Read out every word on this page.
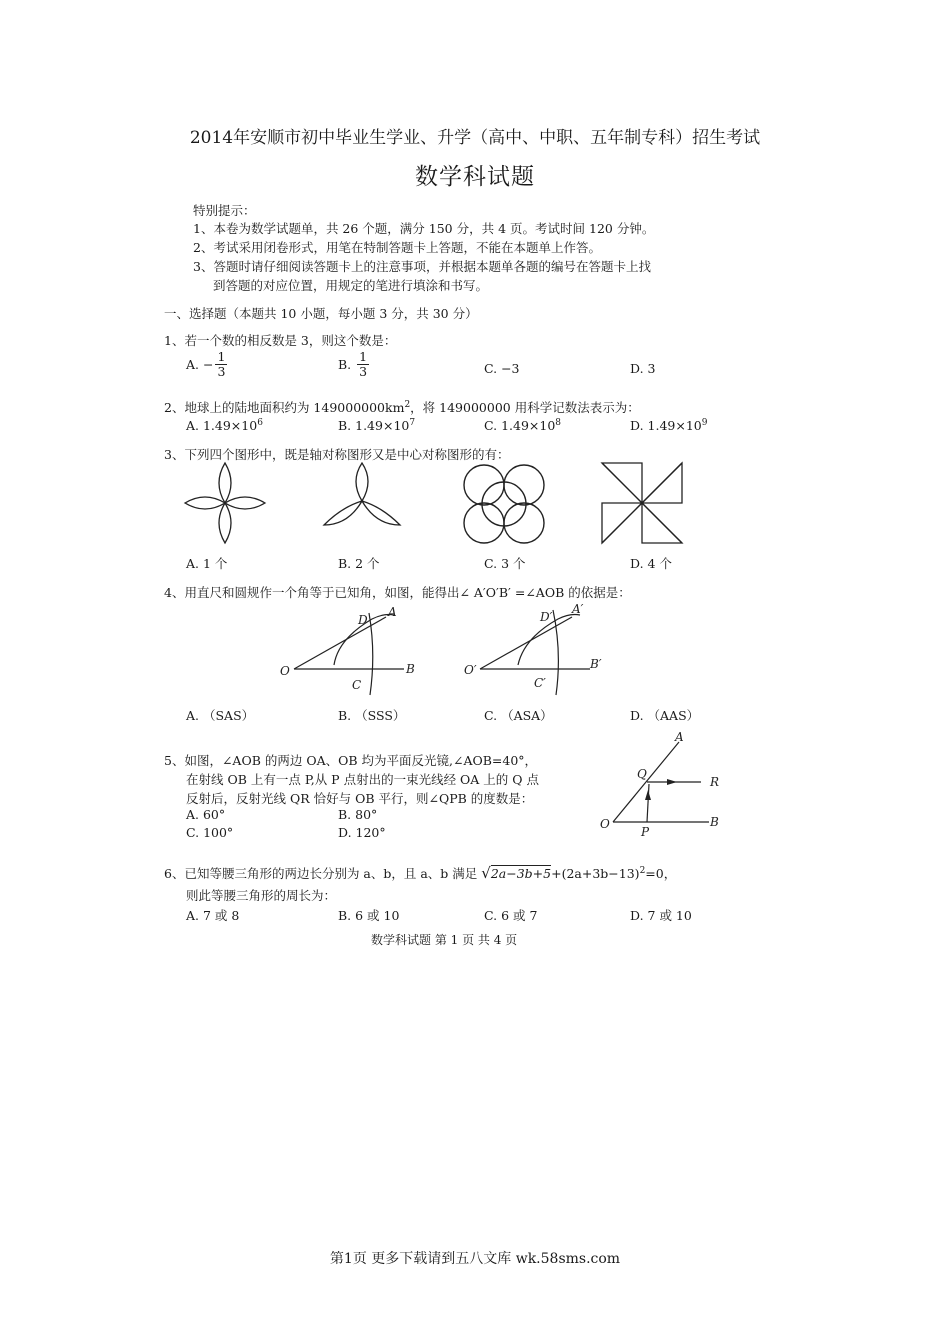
2014年安顺市初中毕业生学业、升学（高中、中职、五年制专科）招生考试
数学科试题
特别提示：
1、本卷为数学试题单，共 26 个题，满分 150 分，共 4 页。考试时间 120 分钟。
2、考试采用闭卷形式，用笔在特制答题卡上答题，不能在本题单上作答。
3、答题时请仔细阅读答题卡上的注意事项，并根据本题单各题的编号在答题卡上找
到答题的对应位置，用规定的笔进行填涂和书写。
一、选择题（本题共 10 小题，每小题 3 分，共 30 分）
1、若一个数的相反数是 3，则这个数是：
A. − $\frac{1}{3}$	B. $\frac{1}{3}$	C. −3	D. 3
2、地球上的陆地面积约为 $149000000km^2$，将 149000000 用科学记数法表示为：
A. $1.49\times 10^6$	B. $1.49\times 10^7$	C. $1.49\times 10^8$	D. $1.49\times 10^9$
3、下列四个图形中，既是轴对称图形又是中心对称图形的有：
A. 1 个	B. 2 个	C. 3 个	D. 4 个
4、用直尺和圆规作一个角等于已知角，如图，能得出∠ A′O′B′ =∠AOB 的依据是：
D
A
O	B
C
D′
A′
O′	B′
C′
A. （SAS）	B. （SSS）	C. （ASA）	D. （AAS）
5、如图，∠AOB 的两边 OA、OB 均为平面反光镜,∠AOB=40°，
在射线 OB 上有一点 P,从 P 点射出的一束光线经 OA 上的 Q 点
反射后，反射光线 QR 恰好与 OB 平行，则∠QPB 的度数是：
A. 60°	B. 80°
C. 100°	D. 120°
A
Q
R
O
P
B
6、已知等腰三角形的两边长分别为 a、b，且 a、b 满足 $√2a-3b+5+(2a+3b-13)^2=0$，
则此等腰三角形的周长为：
A. 7 或 8	B. 6 或 10	C. 6 或 7	D. 7 或 10
数学科试题 第 1 页 共 4 页
第1页 更多下载请到五八文库 wk.58sms.com
